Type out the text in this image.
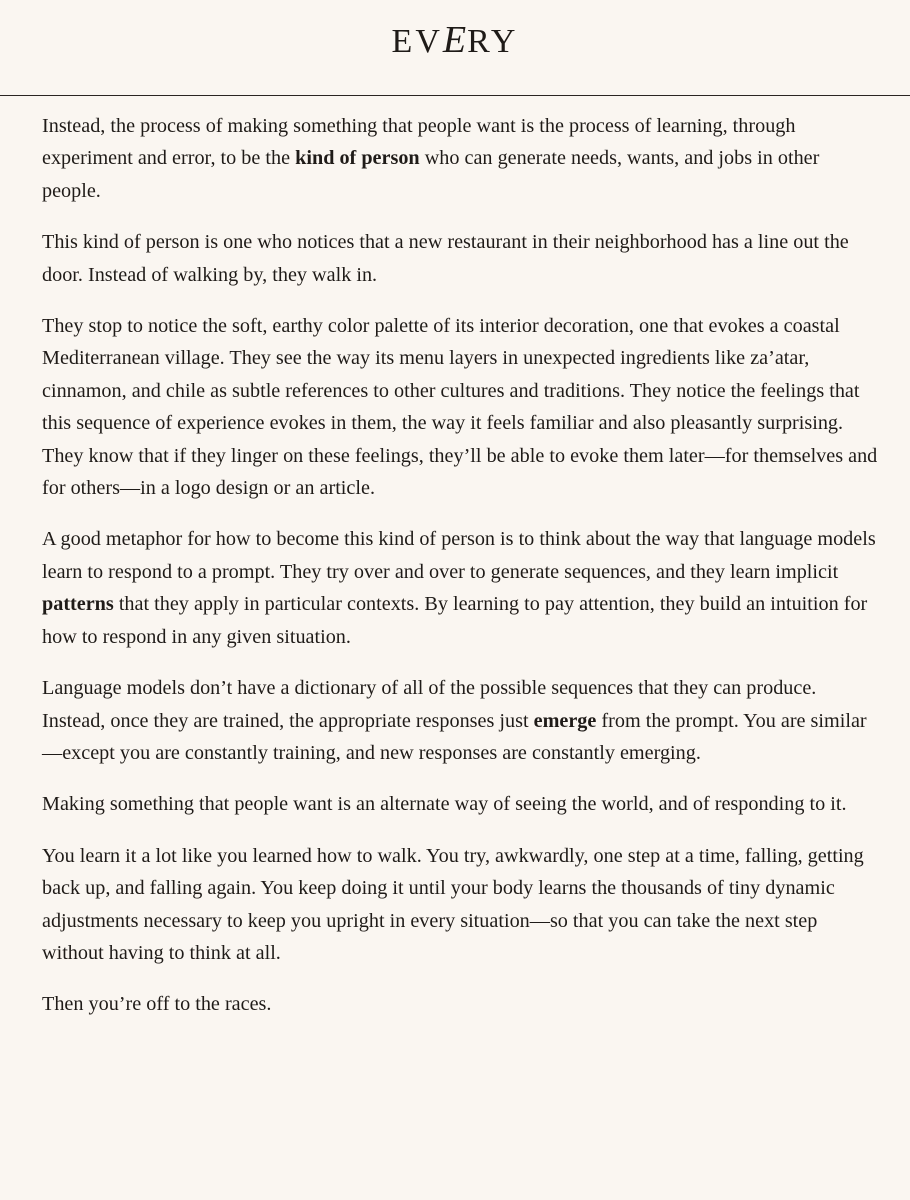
EVERY

Instead, the process of making something that people want is the process of learning, through experiment and error, to be the kind of person who can generate needs, wants, and jobs in other people.

This kind of person is one who notices that a new restaurant in their neighborhood has a line out the door. Instead of walking by, they walk in.

They stop to notice the soft, earthy color palette of its interior decoration, one that evokes a coastal Mediterranean village. They see the way its menu layers in unexpected ingredients like za’atar, cinnamon, and chile as subtle references to other cultures and traditions. They notice the feelings that this sequence of experience evokes in them, the way it feels familiar and also pleasantly surprising. They know that if they linger on these feelings, they’ll be able to evoke them later—for themselves and for others—in a logo design or an article.

A good metaphor for how to become this kind of person is to think about the way that language models learn to respond to a prompt. They try over and over to generate sequences, and they learn implicit patterns that they apply in particular contexts. By learning to pay attention, they build an intuition for how to respond in any given situation.

Language models don’t have a dictionary of all of the possible sequences that they can produce. Instead, once they are trained, the appropriate responses just emerge from the prompt. You are similar—except you are constantly training, and new responses are constantly emerging.

Making something that people want is an alternate way of seeing the world, and of responding to it.

You learn it a lot like you learned how to walk. You try, awkwardly, one step at a time, falling, getting back up, and falling again. You keep doing it until your body learns the thousands of tiny dynamic adjustments necessary to keep you upright in every situation—so that you can take the next step without having to think at all.

Then you’re off to the races.
